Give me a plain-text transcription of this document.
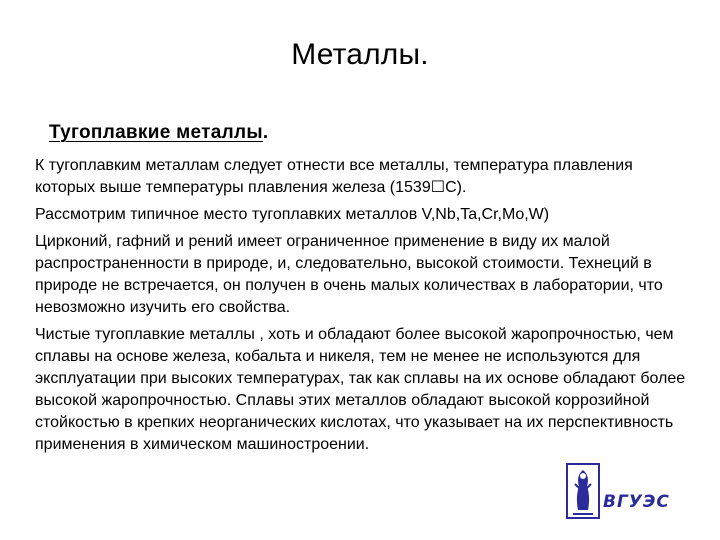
Металлы.
Тугоплавкие металлы.

К тугоплавким металлам следует отнести все металлы, температура плавления которых выше температуры плавления железа (1539☐С).

Рассмотрим типичное место тугоплавких металлов V,Nb,Ta,Cr,Mo,W)

Цирконий, гафний и рений имеет ограниченное применение в виду их малой распространенности в природе, и, следовательно, высокой стоимости. Технеций в природе не встречается, он получен в очень малых количествах в лаборатории, что невозможно изучить его свойства.

Чистые тугоплавкие металлы , хоть и обладают более высокой жаропрочностью, чем сплавы на основе железа, кобальта и никеля, тем не менее не используются для эксплуатации при высоких температурах, так как сплавы на их основе обладают более высокой жаропрочностью. Сплавы этих металлов обладают высокой коррозийной стойкостью в крепких неорганических кислотах, что указывает на их перспективность применения в химическом машиностроении.

ВГУЭС
